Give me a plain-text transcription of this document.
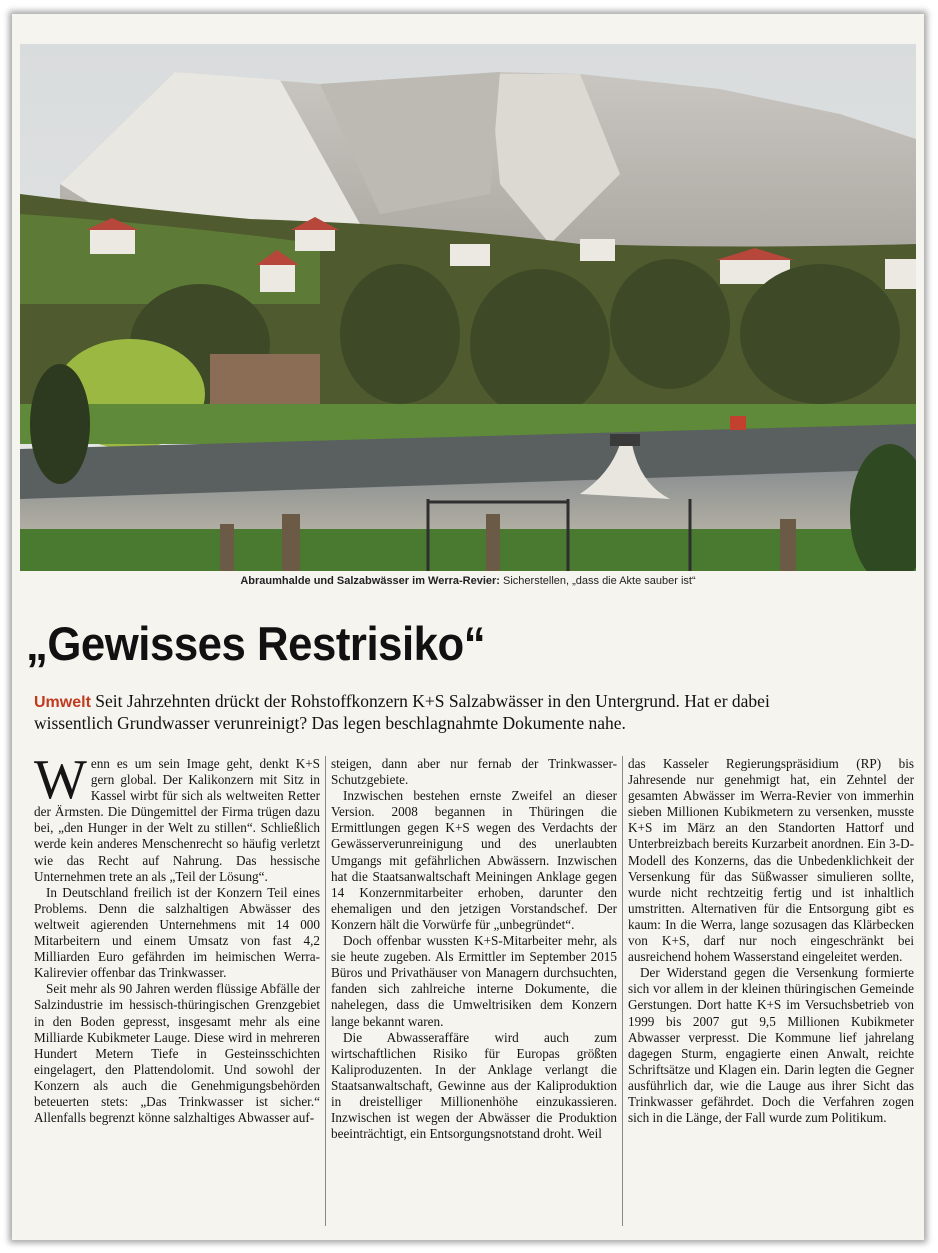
Abraumhalde und Salzabwässer im Werra-Revier: Sicherstellen, „dass die Akte sauber ist“
„Gewisses Restrisiko“
Umwelt Seit Jahrzehnten drückt der Rohstoffkonzern K+S Salzabwässer in den Untergrund. Hat er dabei wissentlich Grundwasser verunreinigt? Das legen beschlagnahmte Dokumente nahe.

Wenn es um sein Image geht, denkt K+S gern global. Der Kalikonzern mit Sitz in Kassel wirbt für sich als weltweiten Retter der Ärmsten. Die Düngemittel der Firma trügen dazu bei, „den Hunger in der Welt zu stillen“. Schließlich werde kein anderes Menschenrecht so häufig verletzt wie das Recht auf Nahrung. Das hessische Unternehmen trete an als „Teil der Lösung“.

In Deutschland freilich ist der Konzern Teil eines Problems. Denn die salzhaltigen Abwässer des weltweit agierenden Unternehmens mit 14 000 Mitarbeitern und einem Umsatz von fast 4,2 Milliarden Euro gefährden im heimischen Werra-Kalirevier offenbar das Trinkwasser.

Seit mehr als 90 Jahren werden flüssige Abfälle der Salzindustrie im hessisch-thüringischen Grenzgebiet in den Boden gepresst, insgesamt mehr als eine Milliarde Kubikmeter Lauge. Diese wird in mehreren Hundert Metern Tiefe in Gesteinsschichten eingelagert, den Plattendolomit. Und sowohl der Konzern als auch die Genehmigungsbehörden beteuerten stets: „Das Trinkwasser ist sicher.“ Allenfalls begrenzt könne salzhaltiges Abwasser auf-

steigen, dann aber nur fernab der Trinkwasser-Schutzgebiete.

Inzwischen bestehen ernste Zweifel an dieser Version. 2008 begannen in Thüringen die Ermittlungen gegen K+S wegen des Verdachts der Gewässerverunreinigung und des unerlaubten Umgangs mit gefährlichen Abwässern. Inzwischen hat die Staatsanwaltschaft Meiningen Anklage gegen 14 Konzernmitarbeiter erhoben, darunter den ehemaligen und den jetzigen Vorstandschef. Der Konzern hält die Vorwürfe für „unbegründet“.

Doch offenbar wussten K+S-Mitarbeiter mehr, als sie heute zugeben. Als Ermittler im September 2015 Büros und Privathäuser von Managern durchsuchten, fanden sich zahlreiche interne Dokumente, die nahelegen, dass die Umweltrisiken dem Konzern lange bekannt waren.

Die Abwasseraffäre wird auch zum wirtschaftlichen Risiko für Europas größten Kaliproduzenten. In der Anklage verlangt die Staatsanwaltschaft, Gewinne aus der Kaliproduktion in dreistelliger Millionenhöhe einzukassieren. Inzwischen ist wegen der Abwässer die Produktion beeinträchtigt, ein Entsorgungsnotstand droht. Weil

das Kasseler Regierungspräsidium (RP) bis Jahresende nur genehmigt hat, ein Zehntel der gesamten Abwässer im Werra-Revier von immerhin sieben Millionen Kubikmetern zu versenken, musste K+S im März an den Standorten Hattorf und Unterbreizbach bereits Kurzarbeit anordnen. Ein 3-D-Modell des Konzerns, das die Unbedenklichkeit der Versenkung für das Süßwasser simulieren sollte, wurde nicht rechtzeitig fertig und ist inhaltlich umstritten. Alternativen für die Entsorgung gibt es kaum: In die Werra, lange sozusagen das Klärbecken von K+S, darf nur noch eingeschränkt bei ausreichend hohem Wasserstand eingeleitet werden.

Der Widerstand gegen die Versenkung formierte sich vor allem in der kleinen thüringischen Gemeinde Gerstungen. Dort hatte K+S im Versuchsbetrieb von 1999 bis 2007 gut 9,5 Millionen Kubikmeter Abwasser verpresst. Die Kommune lief jahrelang dagegen Sturm, engagierte einen Anwalt, reichte Schriftsätze und Klagen ein. Darin legten die Gegner ausführlich dar, wie die Lauge aus ihrer Sicht das Trinkwasser gefährdet. Doch die Verfahren zogen sich in die Länge, der Fall wurde zum Politikum.
